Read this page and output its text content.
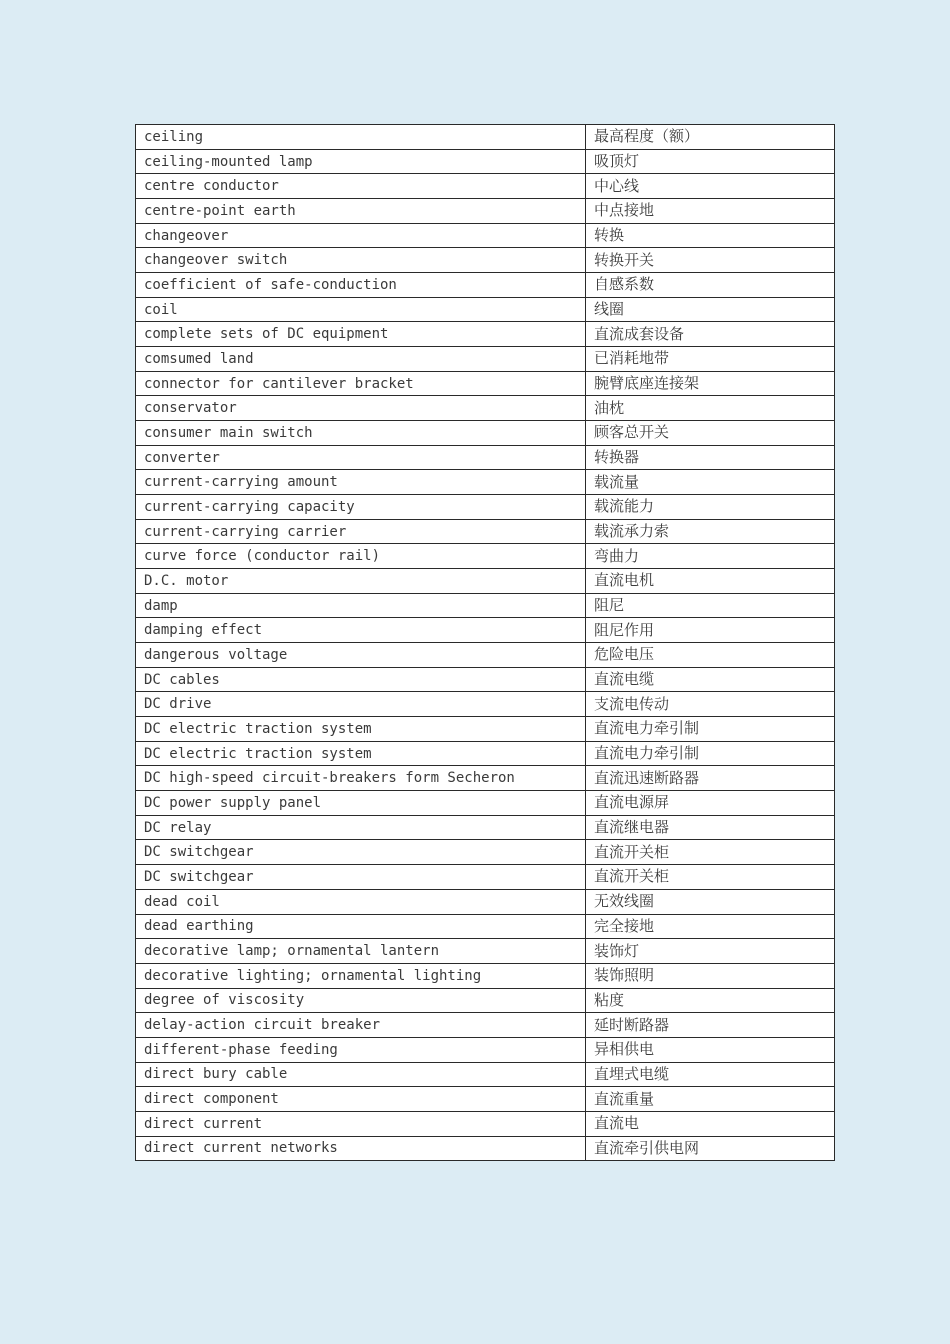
ceiling	最高程度（额）
ceiling-mounted lamp	吸顶灯
centre conductor	中心线
centre-point earth	中点接地
changeover	转换
changeover switch	转换开关
coefficient of safe-conduction	自感系数
coil	线圈
complete sets of DC equipment	直流成套设备
comsumed land	已消耗地带
connector for cantilever bracket	腕臂底座连接架
conservator	油枕
consumer main switch	顾客总开关
converter	转换器
current-carrying amount	载流量
current-carrying capacity	载流能力
current-carrying carrier	载流承力索
curve force (conductor rail)	弯曲力
D.C. motor	直流电机
damp	阻尼
damping effect	阻尼作用
dangerous voltage	危险电压
DC cables	直流电缆
DC drive	支流电传动
DC electric traction system	直流电力牵引制
DC electric traction system	直流电力牵引制
DC high-speed circuit-breakers form Secheron	直流迅速断路器
DC power supply panel	直流电源屏
DC relay	直流继电器
DC switchgear	直流开关柜
DC switchgear	直流开关柜
dead coil	无效线圈
dead earthing	完全接地
decorative lamp; ornamental lantern	装饰灯
decorative lighting; ornamental lighting	装饰照明
degree of viscosity	粘度
delay-action circuit breaker	延时断路器
different-phase feeding	异相供电
direct bury cable	直埋式电缆
direct component	直流重量
direct current	直流电
direct current networks	直流牵引供电网
